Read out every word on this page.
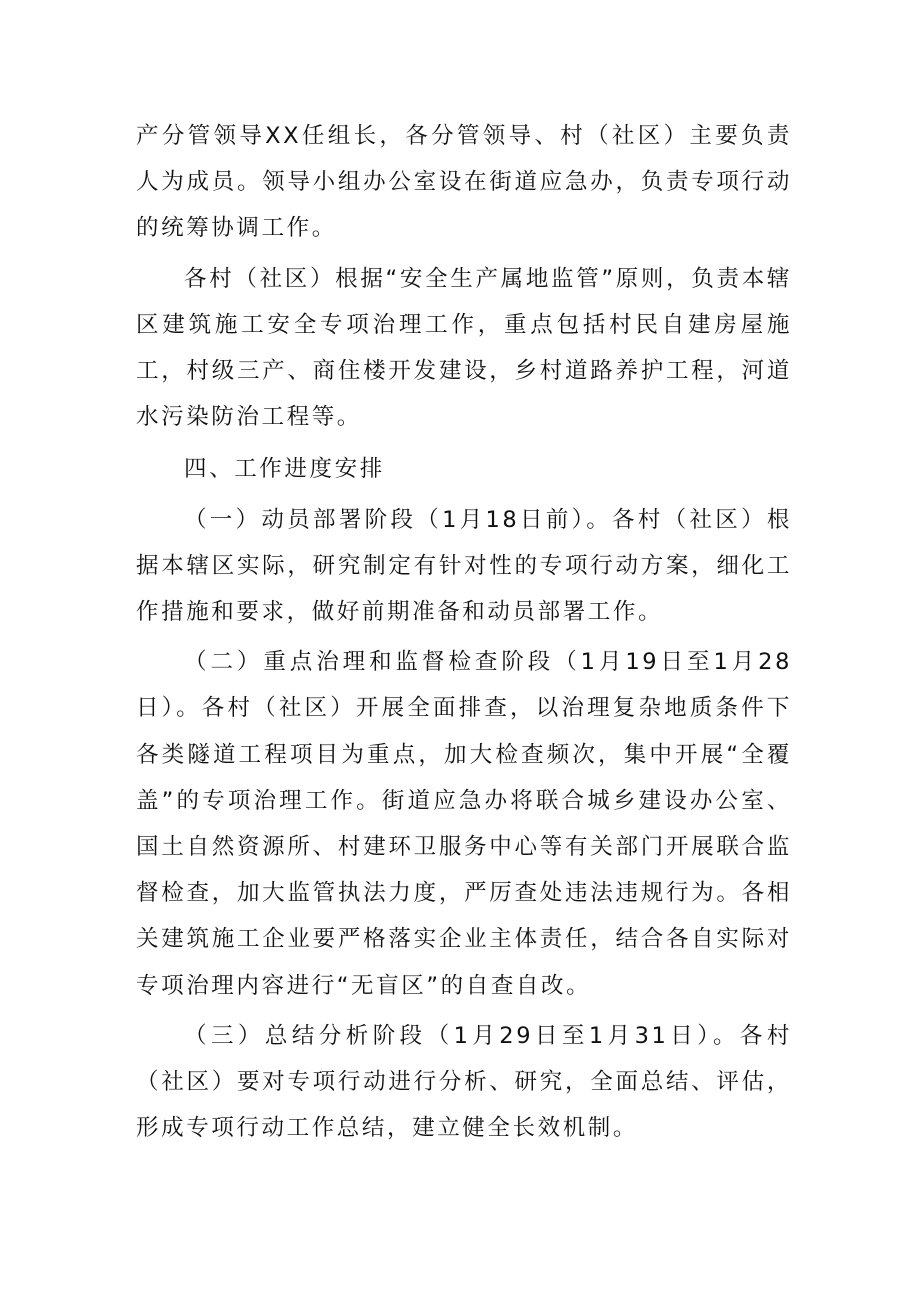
产分管领导XX任组长，各分管领导、村（社区）主要负责人为成员。领导小组办公室设在街道应急办，负责专项行动的统筹协调工作。

各村（社区）根据“安全生产属地监管”原则，负责本辖区建筑施工安全专项治理工作，重点包括村民自建房屋施工，村级三产、商住楼开发建设，乡村道路养护工程，河道水污染防治工程等。

四、工作进度安排

（一）动员部署阶段（1月18日前）。各村（社区）根据本辖区实际，研究制定有针对性的专项行动方案，细化工作措施和要求，做好前期准备和动员部署工作。

（二）重点治理和监督检查阶段（1月19日至1月28日）。各村（社区）开展全面排查，以治理复杂地质条件下各类隧道工程项目为重点，加大检查频次，集中开展“全覆盖”的专项治理工作。街道应急办将联合城乡建设办公室、国土自然资源所、村建环卫服务中心等有关部门开展联合监督检查，加大监管执法力度，严厉查处违法违规行为。各相关建筑施工企业要严格落实企业主体责任，结合各自实际对专项治理内容进行“无盲区”的自查自改。

（三）总结分析阶段（1月29日至1月31日）。各村（社区）要对专项行动进行分析、研究，全面总结、评估，形成专项行动工作总结，建立健全长效机制。
